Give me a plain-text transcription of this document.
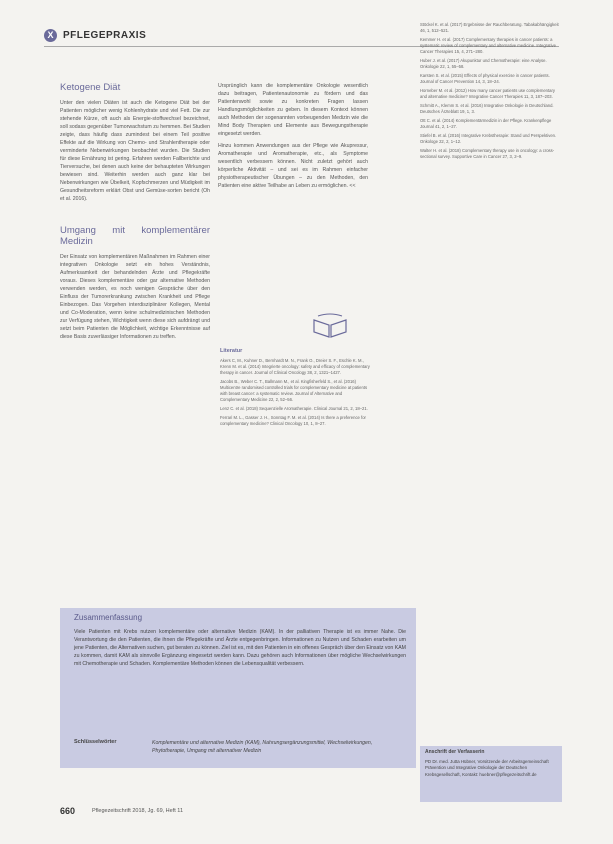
X PFLEGEPRAXIS
Ketogene Diät

Unter den vielen Diäten ist auch die Ketogene Diät bei der Patienten möglicher wenig Kohlenhydrate und viel Fett. Die zur stehende Kürze, oft auch als Energie-stoffwechsel bezeichnet, soll sodass gegenüber Tumorwachstum zu hemmen. Bei Studien zeigte, dass häufig dass zumindest bei einem Teil positive Effekte auf die Wirkung von Chemo- und Strahlentherapie oder verminderte Nebenwirkungen beobachtet wurden. Die Studien für diese Ernährung ist gering. Erfahren werden Fallberichte und Tierversuche, bei denen auch keine der behaupteten Wirkungen bewiesen sind. Weiterhin werden auch ganz klar bei Nebenwirkungen wie Übelkeit, Kopfschmerzen und Müdigkeit im Gesundheitsreform erklärt Obst und Gemüse-sorten bericht (Oh et al. 2016).

Umgang mit komplementärer Medizin

Der Einsatz von komplementären Maßnahmen im Rahmen einer integrativen Onkologie setzt ein hohes Verständnis, Aufmerksamkeit der behandelnden Ärzte und Pflegekräfte voraus. Dieses komplementäre oder gar alternative Methoden verwenden werden, es noch wenigen Gespräche über den Einfluss der Tumorerkrankung zwischen Krankheit und Pflege Einbezogen. Das Vorgehen interdisziplinärer Kollegen, Mental und Co-Moderation, wenn keine schulmedizinischen Methoden zur Verfügung stehen, Wichtigkeit wenn diese sich aufdrängt und setzt beim Patienten die Möglichkeit, wichtige Erkenntnisse auf diese Basis zuverlässiger Informationen zu treffen.

Ursprünglich kann die komplementäre Onkologie wesentlich dazu beitragen, Patientenautonomie zu fördern und das Patientenwohl sowie zu konkreten Fragen lassen Handlungsmöglichkeiten zu geben. In diesem Kontext können auch Methoden der sogenannten vorbeugenden Medizin wie die Mind Body Therapien und Elemente aus Bewegungstherapie eingesetzt werden.

Hinzu kommen Anwendungen aus der Pflege wie Akupressur, Aromatherapie und Aromatherapie, etc., als Symptome wesentlich verbessern können. Nicht zuletzt gehört auch körperliche Aktivität – und sei es im Rahmen einfacher physiotherapeutischer Übungen – zu den Methoden, den Patienten eine aktive Teilhabe an Leben zu ermöglichen. <<

Literatur
Akers C, M., Kuhner D., Bernhardt M. N., Frank O., Dreier S. F., Eschle K. M., Krenn M. et al. (2014) Integrierte oncology: safety and efficacy of complementary therapy in cancer. Journal of Clinical Oncology 38, 2, 1321–1427.
Jacobs B., Weber C. T., Ballmann M., et al. Kingfisherfeld S., et al. (2016) Multicentre randomised controlled trials for complementary medicine at patients with breast cancer: a systematic review. Journal of Alternative and Complementary Medicine 22, 2, 52–56.
Lenz C. et al. (2018) Sequenzielle Aromatherapie. Clinical Journal 21, 2, 18–21.
Ferrari M. L., Gasser J. H., Sonntag F. M. et al. (2014) Is there a preference for complementary medicine? Clinical Oncology 10, 1, 8–27.
Stöckel K. et al. (2017) Ergebnisse der Rauchberatung. Tabakabhängigkeit 46, 1, 512–521.
Kemmer H. et al. (2017) Complementary therapies in cancer patients: a systematic review of complementary and alternative medicine. Integrative Cancer Therapies 15, 4, 271–280.
Huber J. et al. (2017) Akupunktur und Chemotherapie: eine Analyse. Onkologie 22, 1, 55–58.
Karsten S. et al. (2015) Effects of physical exercise in cancer patients. Journal of Cancer Prevention 14, 3, 18–24.
Horneber M. et al. (2012) How many cancer patients use complementary and alternative medicine? Integrative Cancer Therapies 11, 3, 187–203.
Schmitt A., Klemm S. et al. (2016) Integrative Onkologie in Deutschland. Deutsches Ärzteblatt 19, 1, 3.
Ott C. et al. (2014) Komplementärmedizin in der Pflege. Krankenpflege Journal 41, 2, 1–27.
Stiefel B. et al. (2016) Integrative Krebstherapie: Stand und Perspektiven. Onkologe 22, 2, 1–12.
Walter H. et al. (2018) Complementary therapy use in oncology: a cross-sectional survey. Supportive Care in Cancer 27, 3, 2–9.
Zusammenfassung
Viele Patienten mit Krebs nutzen komplementäre oder alternative Medizin (KAM). In der palliativen Therapie ist es immer Nahe. Die Verantwortung die den Patienten, die ihnen die Pflegekräfte und Ärzte entgegenbringen. Informationen zu Nutzen und Schaden erarbeiten um jene Patienten, die Alternativen suchen, gut beraten zu können. Ziel ist es, mit den Patienten in ein offenes Gespräch über den Einsatz von KAM zu kommen, damit KAM als sinnvolle Ergänzung eingesetzt werden kann. Dazu gehören auch Informationen über mögliche Wechselwirkungen mit Chemotherapie und Schaden. Komplementäre Methoden können die Lebensqualität verbessern.
Schlüsselwörter	Komplementäre und alternative Medizin (KAM), Nahrungsergänzungsmittel, Wechselwirkungen, Phytotherapie, Umgang mit alternativer Medizin	Anschrift der Verfasserin
PD Dr. med. Jutta Hübner, Vorsitzende der Arbeitsgemeinschaft Prävention und Integrative Onkologie der Deutschen Krebsgesellschaft, Kontakt: huebner@pflegezeitschrift.de
660	Pflegezeitschrift 2018, Jg. 69, Heft 11
